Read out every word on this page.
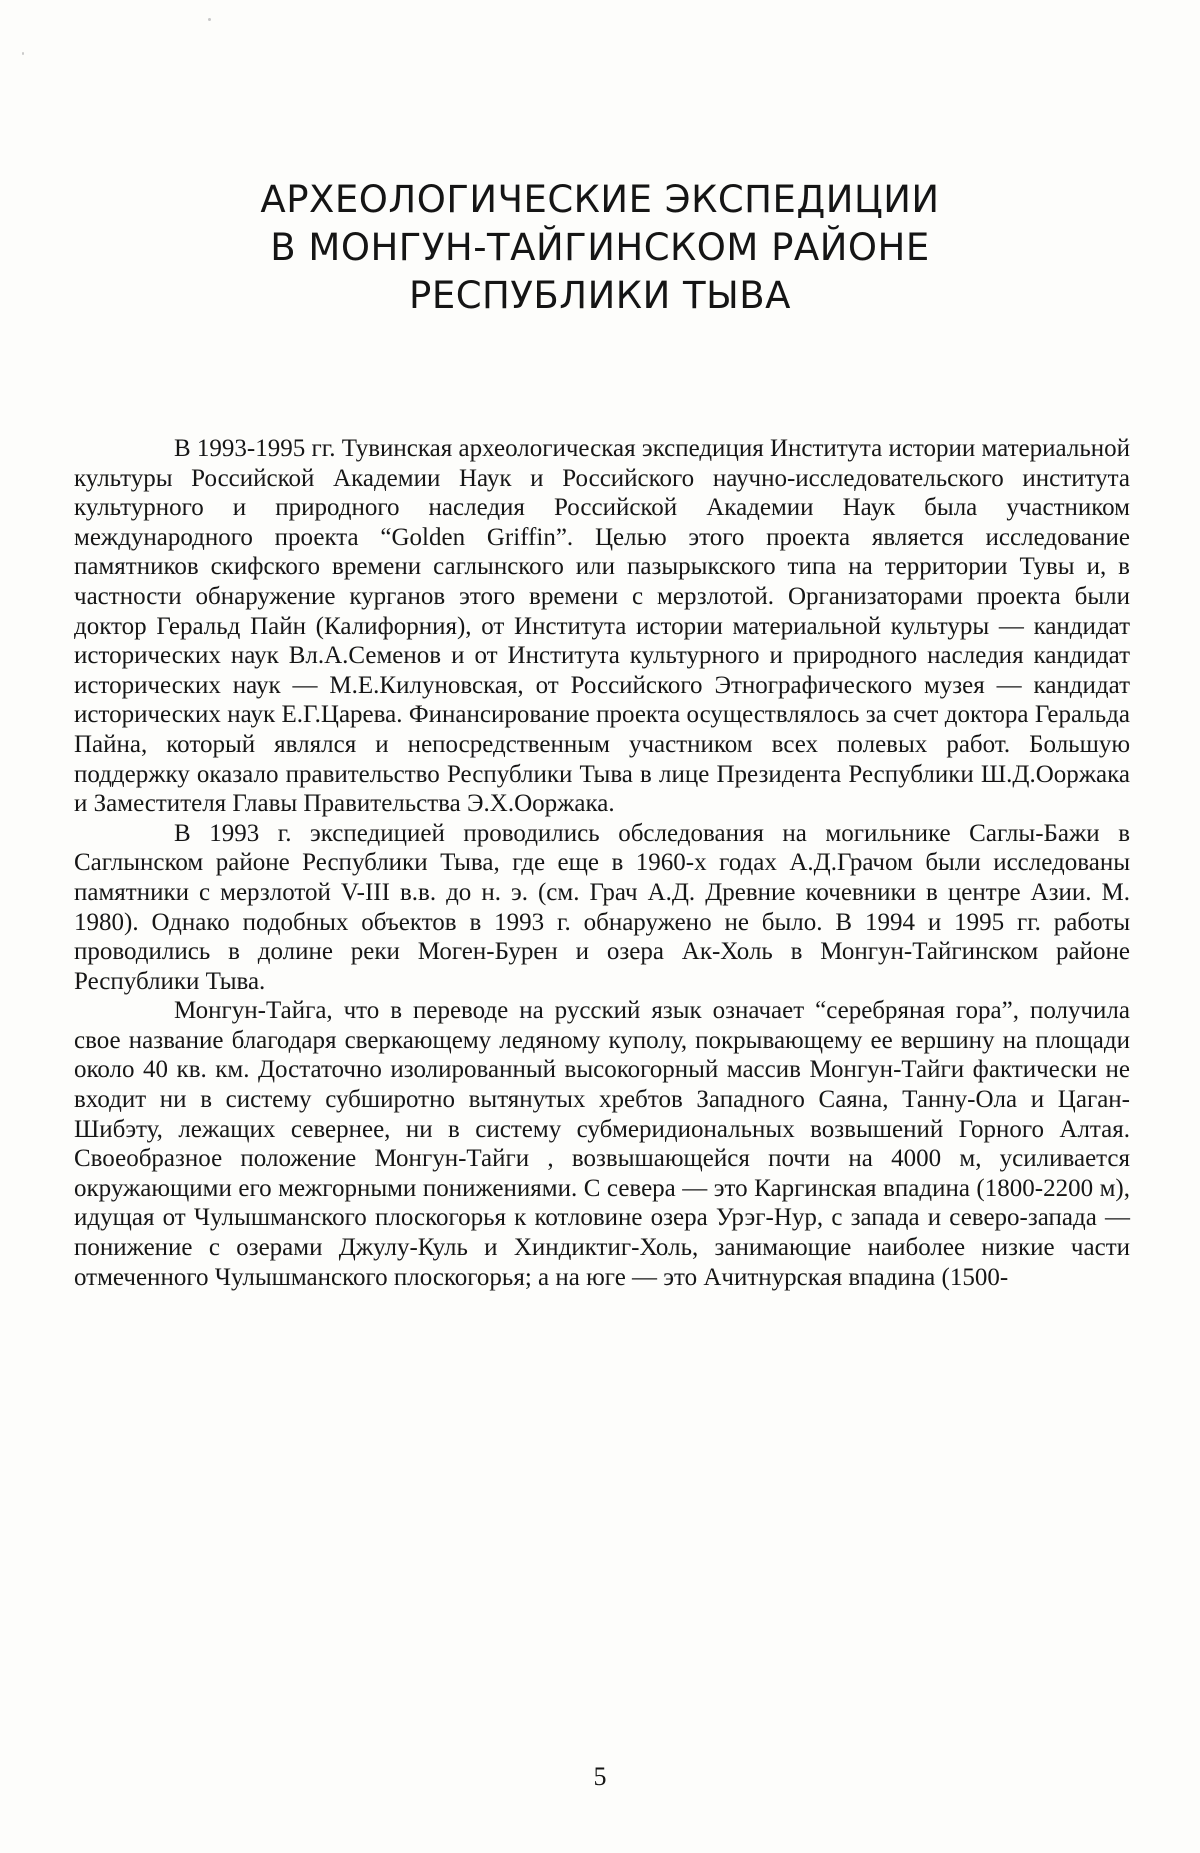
АРХЕОЛОГИЧЕСКИЕ ЭКСПЕДИЦИИ
В МОНГУН-ТАЙГИНСКОМ РАЙОНЕ
РЕСПУБЛИКИ ТЫВА

В 1993-1995 гг. Тувинская археологическая экспедиция Института истории материальной культуры Российской Академии Наук и Российского научно-исследовательского института культурного и природного наследия Российской Академии Наук была участником международного проекта “Golden Griffin”. Целью этого проекта является исследование памятников скифского времени саглынского или пазырыкского типа на территории Тувы и, в частности обнаружение курганов этого времени с мерзлотой. Организаторами проекта были доктор Геральд Пайн (Калифорния), от Института истории материальной культуры — кандидат исторических наук Вл.А.Семенов и от Института культурного и природного наследия кандидат исторических наук — М.Е.Килуновская, от Российского Этнографического музея — кандидат исторических наук Е.Г.Царева. Финансирование проекта осуществлялось за счет доктора Геральда Пайна, который являлся и непосредственным участником всех полевых работ. Большую поддержку оказало правительство Республики Тыва в лице Президента Республики Ш.Д.Ооржака и Заместителя Главы Правительства Э.Х.Ооржака.

В 1993 г. экспедицией проводились обследования на могильнике Саглы-Бажи в Саглынском районе Республики Тыва, где еще в 1960-х годах А.Д.Грачом были исследованы памятники с мерзлотой V-III в.в. до н. э. (см. Грач А.Д. Древние кочевники в центре Азии. М. 1980). Однако подобных объектов в 1993 г. обнаружено не было. В 1994 и 1995 гг. работы проводились в долине реки Моген-Бурен и озера Ак-Холь в Монгун-Тайгинском районе Республики Тыва.

Монгун-Тайга, что в переводе на русский язык означает “серебряная гора”, получила свое название благодаря сверкающему ледяному куполу, покрывающему ее вершину на площади около 40 кв. км. Достаточно изолированный высокогорный массив Монгун-Тайги фактически не входит ни в систему субширотно вытянутых хребтов Западного Саяна, Танну-Ола и Цаган-Шибэту, лежащих севернее, ни в систему субмеридиональных возвышений Горного Алтая. Своеобразное положение Монгун-Тайги , возвышающейся почти на 4000 м, усиливается окружающими его межгорными понижениями. С севера — это Каргинская впадина (1800-2200 м), идущая от Чулышманского плоскогорья к котловине озера Урэг-Нур, с запада и северо-запада — понижение с озерами Джулу-Куль и Хиндиктиг-Холь, занимающие наиболее низкие части отмеченного Чулышманского плоскогорья; а на юге — это Ачитнурская впадина (1500-

5
